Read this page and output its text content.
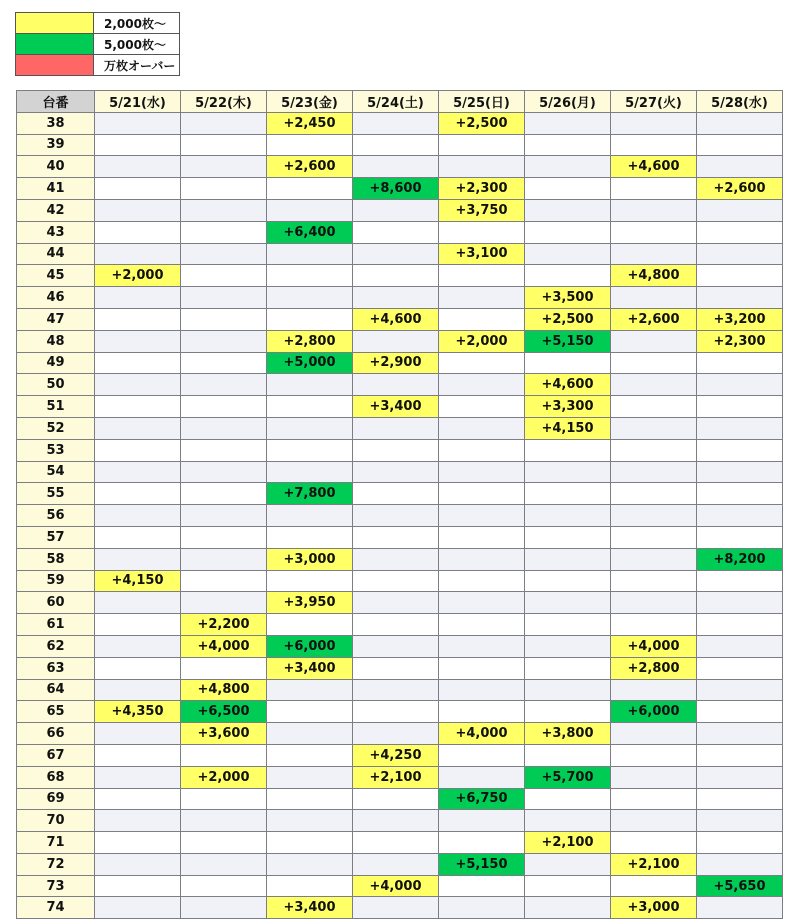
	2,000枚～
	5,000枚～
	万枚オーバー
台番	5/21(水)	5/22(木)	5/23(金)	5/24(土)	5/25(日)	5/26(月)	5/27(火)	5/28(水)
38			+2,450		+2,500			
39								
40			+2,600				+4,600	
41				+8,600	+2,300			+2,600
42					+3,750			
43			+6,400					
44					+3,100			
45	+2,000						+4,800	
46						+3,500		
47				+4,600		+2,500	+2,600	+3,200
48			+2,800		+2,000	+5,150		+2,300
49			+5,000	+2,900				
50						+4,600		
51				+3,400		+3,300		
52						+4,150		
53								
54								
55			+7,800					
56								
57								
58			+3,000					+8,200
59	+4,150							
60			+3,950					
61		+2,200						
62		+4,000	+6,000				+4,000	
63			+3,400				+2,800	
64		+4,800						
65	+4,350	+6,500					+6,000	
66		+3,600			+4,000	+3,800		
67				+4,250				
68		+2,000		+2,100		+5,700		
69					+6,750			
70								
71						+2,100		
72					+5,150		+2,100	
73				+4,000				+5,650
74			+3,400				+3,000	
